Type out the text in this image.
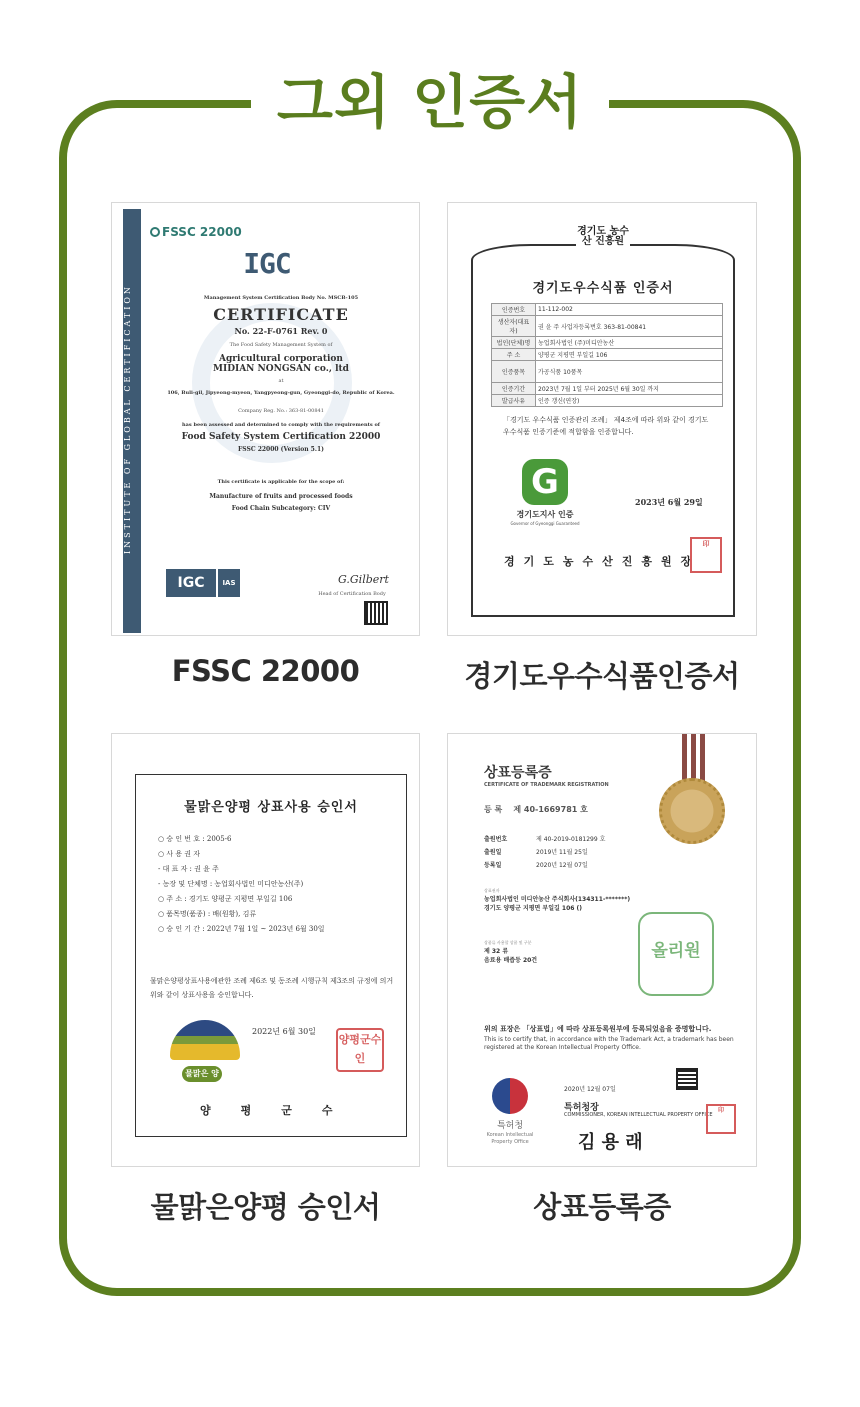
그외 인증서
INSTITUTE OF GLOBAL CERTIFICATION
FSSC 22000
IGC
Management System Certification Body No. MSCB-105
CERTIFICATE
No. 22-F-0761 Rev. 0
The Food Safety Management System of
Agricultural corporation
MIDIAN NONGSAN co., ltd
at
106, Buli-gil, Jipyeong-myeon, Yangpyeong-gun, Gyeonggi-do, Republic of Korea.
Company Reg. No.: 363-81-00841
has been assessed and determined to comply with the requirements of
Food Safety System Certification 22000
FSSC 22000 (Version 5.1)
This certificate is applicable for the scope of:
Manufacture of fruits and processed foods
Food Chain Subcategory: CIV
IGC	IAS	G.Gilbert
Head of Certification Body
FSSC 22000
경기도 농수산 진흥원
경기도우수식품 인증서
인증번호	11-112-002
생산자(대표자)	권 윤 주 사업자등록번호 363-81-00841
법인(단체)명	농업회사법인 (주)미디안농산
주 소	양평군 지평면 부일길 106
인증품목	가공식품 10품목
인증기간	2023년 7월 1일 부터 2025년 6월 30일 까지
발급사유	인증 갱신(연장)
「경기도 우수식품 인증관리 조례」 제4조에 따라 위와 같이 경기도우수식품 인증기준에 적합함을 인증합니다.
G
경기도지사 인증
Governor of Gyeonggi Guaranteed
2023년 6월 29일
경기도농수산진흥원장
印
경기도우수식품인증서
물맑은양평 상표사용 승인서
○ 승 인 번 호 : 2005-6
○ 사 용 권 자
- 대 표 자 : 권 윤 주
- 농장 및 단체명 : 농업회사법인 미디안농산(주)
○ 주 소 : 경기도 양평군 지평면 부일길 106
○ 품목명(품종) : 배(원황), 김류
○ 승 인 기 간 : 2022년 7월 1일 ~ 2023년 6월 30일
물맑은양평상표사용에관한 조례 제6조 및 동조례 시행규칙 제3조의 규정에 의거 위와 같이 상표사용을 승인합니다.
물맑은 양평
2022년 6월 30일
양평군수인
양평군수
물맑은양평 승인서
상표등록증
CERTIFICATE OF TRADEMARK REGISTRATION
등 록 제 40-1669781 호
출원번호	제 40-2019-0181299 호
출원일	2019년 11월 25일
등록일	2020년 12월 07일
상표권자
농업회사법인 미디안농산 주식회사(134311-*******)
경기도 양평군 지평면 부일길 106 ()
상품류 사용할 상품 및 구분
제 32 류
음료용 배즙등 20건	올리원
위의 표장은 「상표법」에 따라 상표등록원부에 등록되었음을 증명합니다.
This is to certify that, in accordance with the Trademark Act, a trademark has been registered at the Korean Intellectual Property Office.
특허청
Korean Intellectual Property Office
2020년 12월 07일
특허청장
COMMISSIONER, KOREAN INTELLECTUAL PROPERTY OFFICE
김 용 래
印
상표등록증
